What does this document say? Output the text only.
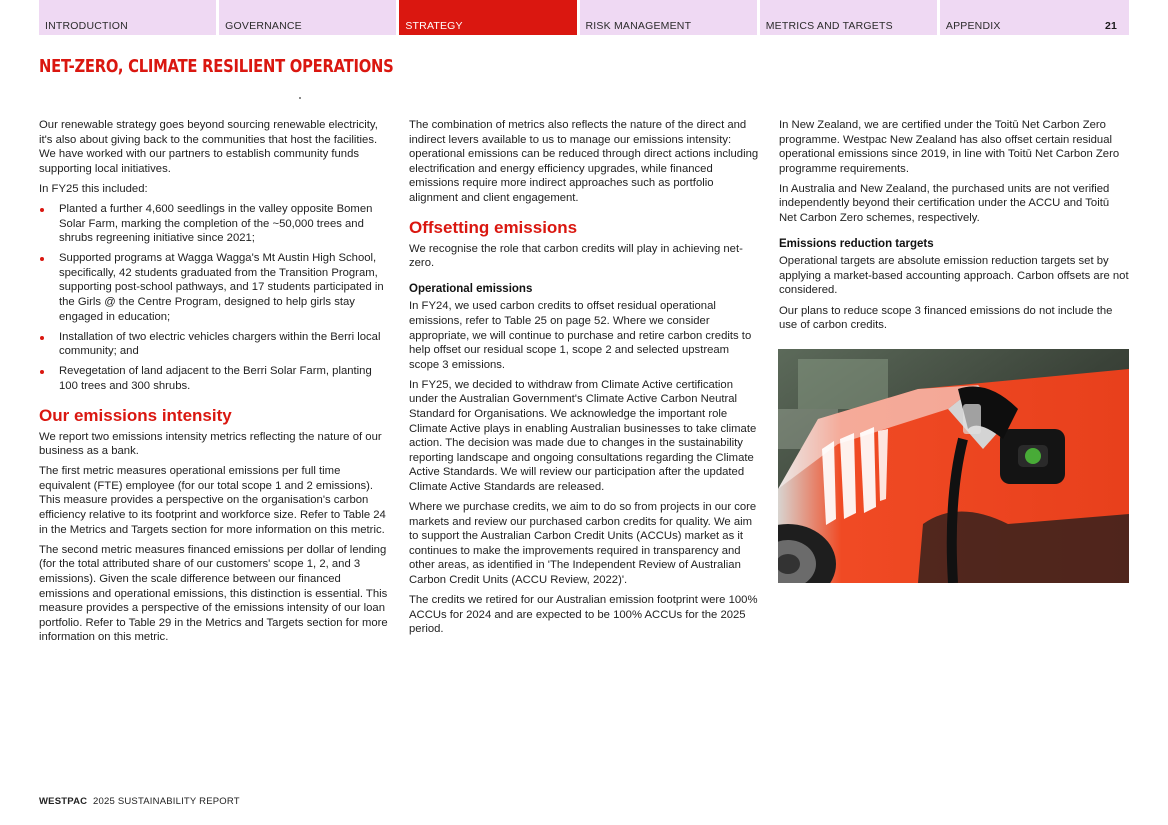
INTRODUCTION	GOVERNANCE	STRATEGY	RISK MANAGEMENT	METRICS AND TARGETS	APPENDIX	21
NET-ZERO, CLIMATE RESILIENT OPERATIONS

Our renewable strategy goes beyond sourcing renewable electricity, it's also about giving back to the communities that host the facilities. We have worked with our partners to establish community funds supporting local initiatives.

In FY25 this included:

Planted a further 4,600 seedlings in the valley opposite Bomen Solar Farm, marking the completion of the ~50,000 trees and shrubs regreening initiative since 2021;
Supported programs at Wagga Wagga's Mt Austin High School, specifically, 42 students graduated from the Transition Program, supporting post-school pathways, and 17 students participated in the Girls @ the Centre Program, designed to help girls stay engaged in education;
Installation of two electric vehicles chargers within the Berri local community; and
Revegetation of land adjacent to the Berri Solar Farm, planting 100 trees and 300 shrubs.
Our emissions intensity

We report two emissions intensity metrics reflecting the nature of our business as a bank.

The first metric measures operational emissions per full time equivalent (FTE) employee (for our total scope 1 and 2 emissions). This measure provides a perspective on the organisation's carbon efficiency relative to its footprint and workforce size. Refer to Table 24 in the Metrics and Targets section for more information on this metric.

The second metric measures financed emissions per dollar of lending (for the total attributed share of our customers' scope 1, 2, and 3 emissions). Given the scale difference between our financed emissions and operational emissions, this distinction is essential. This measure provides a perspective of the emissions intensity of our loan portfolio. Refer to Table 29 in the Metrics and Targets section for more information on this metric.

The combination of metrics also reflects the nature of the direct and indirect levers available to us to manage our emissions intensity: operational emissions can be reduced through direct actions including electrification and energy efficiency upgrades, while financed emissions require more indirect approaches such as portfolio alignment and client engagement.

Offsetting emissions

We recognise the role that carbon credits will play in achieving net-zero.

Operational emissions

In FY24, we used carbon credits to offset residual operational emissions, refer to Table 25 on page 52. Where we consider appropriate, we will continue to purchase and retire carbon credits to help offset our residual scope 1, scope 2 and selected upstream scope 3 emissions.

In FY25, we decided to withdraw from Climate Active certification under the Australian Government's Climate Active Carbon Neutral Standard for Organisations. We acknowledge the important role Climate Active plays in enabling Australian businesses to take climate action. The decision was made due to changes in the sustainability reporting landscape and ongoing consultations regarding the Climate Active Standards. We will review our participation after the updated Climate Active Standards are released.

Where we purchase credits, we aim to do so from projects in our core markets and review our purchased carbon credits for quality. We aim to support the Australian Carbon Credit Units (ACCUs) market as it continues to make the improvements required in transparency and other areas, as identified in 'The Independent Review of Australian Carbon Credit Units (ACCU Review, 2022)'.

The credits we retired for our Australian emission footprint were 100% ACCUs for 2024 and are expected to be 100% ACCUs for the 2025 period.

In New Zealand, we are certified under the Toitū Net Carbon Zero programme. Westpac New Zealand has also offset certain residual operational emissions since 2019, in line with Toitū Net Carbon Zero programme requirements.

In Australia and New Zealand, the purchased units are not verified independently beyond their certification under the ACCU and Toitū Net Carbon Zero schemes, respectively.

Emissions reduction targets

Operational targets are absolute emission reduction targets set by applying a market-based accounting approach. Carbon offsets are not considered.

Our plans to reduce scope 3 financed emissions do not include the use of carbon credits.

WESTPAC 2025 SUSTAINABILITY REPORT
